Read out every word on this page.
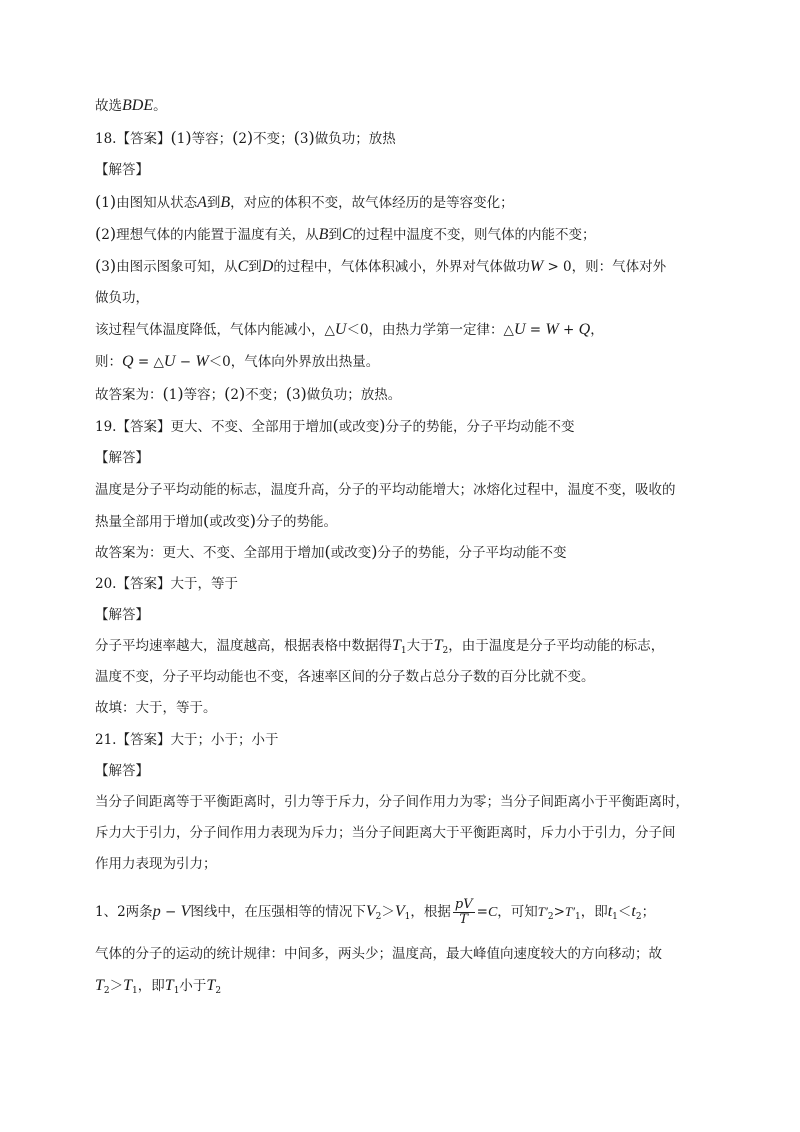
故选BDE。
18.【答案】(1)等容；(2)不变；(3)做负功；放热
【解答】
(1)由图知从状态A到B，对应的体积不变，故气体经历的是等容变化；
(2)理想气体的内能置于温度有关，从B到C的过程中温度不变，则气体的内能不变；
(3)由图示图象可知，从C到D的过程中，气体体积减小，外界对气体做功W > 0，则：气体对外
做负功，
该过程气体温度降低，气体内能减小，△U＜0，由热力学第一定律：△U = W + Q，
则：Q = △U − W＜0，气体向外界放出热量。
故答案为：(1)等容；(2)不变；(3)做负功；放热。
19.【答案】更大、不变、全部用于增加(或改变)分子的势能，分子平均动能不变
【解答】
温度是分子平均动能的标志，温度升高，分子的平均动能增大；冰熔化过程中，温度不变，吸收的
热量全部用于增加(或改变)分子的势能。
故答案为：更大、不变、全部用于增加(或改变)分子的势能，分子平均动能不变
20.【答案】大于，等于
【解答】
分子平均速率越大，温度越高，根据表格中数据得$T_1$大于$T_2$，由于温度是分子平均动能的标志，
温度不变，分子平均动能也不变，各速率区间的分子数占总分子数的百分比就不变。
故填：大于，等于。
21.【答案】大于；小于；小于
【解答】
当分子间距离等于平衡距离时，引力等于斥力，分子间作用力为零；当分子间距离小于平衡距离时，
斥力大于引力，分子间作用力表现为斥力；当分子间距离大于平衡距离时，斥力小于引力，分子间
作用力表现为引力；
1、2两条p − V图线中，在压强相等的情况下$V_2>V_1$，根据 $\frac{pV}{T} =C$，可知$T'_2>T'_1$，即$t_1<t_2$；
气体的分子的运动的统计规律：中间多，两头少；温度高，最大峰值向速度较大的方向移动；故
$T_2>T_1$，即$T_1$小于$T_2$
